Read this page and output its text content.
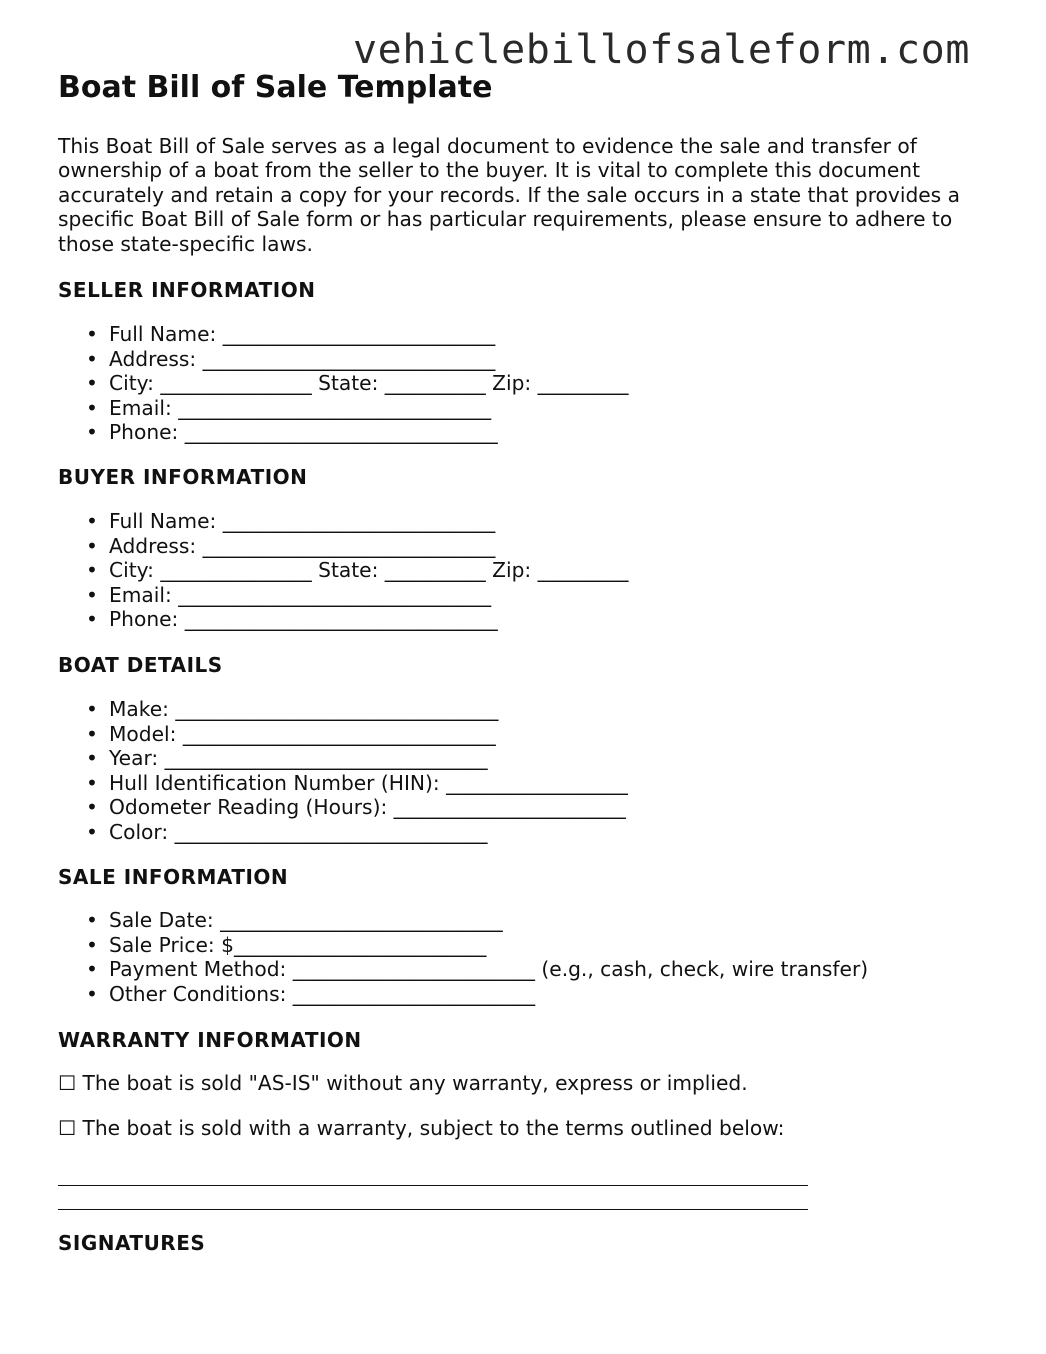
vehiclebillofsaleform.com
Boat Bill of Sale Template

This Boat Bill of Sale serves as a legal document to evidence the sale and transfer of ownership of a boat from the seller to the buyer. It is vital to complete this document accurately and retain a copy for your records. If the sale occurs in a state that provides a specific Boat Bill of Sale form or has particular requirements, please ensure to adhere to those state-specific laws.

SELLER INFORMATION
• Full Name: ___________________________
• Address: _____________________________
• City: _______________ State: __________ Zip: _________
• Email: _______________________________
• Phone: _______________________________
BUYER INFORMATION
• Full Name: ___________________________
• Address: _____________________________
• City: _______________ State: __________ Zip: _________
• Email: _______________________________
• Phone: _______________________________
BOAT DETAILS
• Make: ________________________________
• Model: _______________________________
• Year: ________________________________
• Hull Identification Number (HIN): __________________
• Odometer Reading (Hours): _______________________
• Color: _______________________________
SALE INFORMATION
• Sale Date: ____________________________
• Sale Price: $_________________________
• Payment Method: ________________________ (e.g., cash, check, wire transfer)
• Other Conditions: ________________________
WARRANTY INFORMATION

☐ The boat is sold "AS-IS" without any warranty, express or implied.

☐ The boat is sold with a warranty, subject to the terms outlined below:

SIGNATURES
